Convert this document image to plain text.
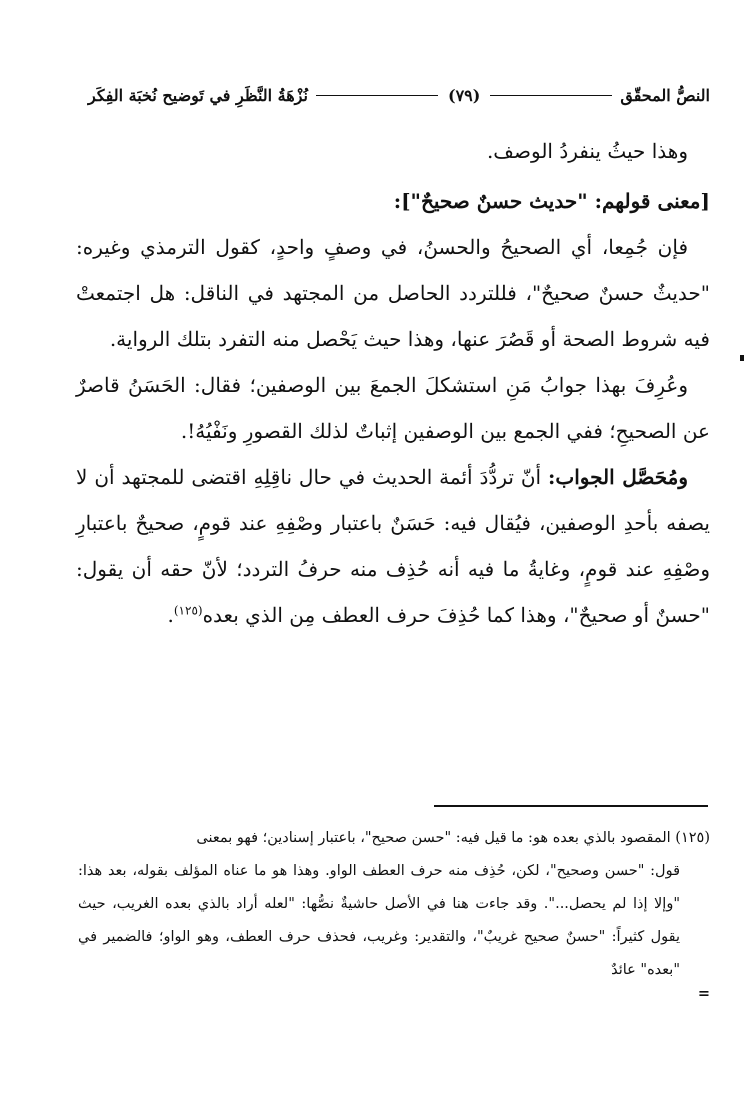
النصُّ المحقّق
(٧٩)
نُزْهَةُ النَّظَرِ في تَوضيح نُخبَة الفِكَر

وهذا حيثُ ينفردُ الوصف.

[معنى قولهم: "حديث حسنٌ صحيحٌ"]:

فإن جُمِعا، أي الصحيحُ والحسنُ، في وصفٍ واحدٍ، كقول الترمذي وغيره: "حديثٌ حسنٌ صحيحٌ"، فللتردد الحاصل من المجتهد في الناقل: هل اجتمعتْ فيه شروط الصحة أو قَصُرَ عنها، وهذا حيث يَحْصل منه التفرد بتلك الرواية.

وعُرِفَ بهذا جوابُ مَنِ استشكلَ الجمعَ بين الوصفين؛ فقال: الحَسَنُ قاصرٌ عن الصحيحِ؛ ففي الجمع بين الوصفين إثباتٌ لذلك القصورِ ونَفْيُهُ!.

ومُحَصَّل الجواب: أنّ تردُّدَ أئمة الحديث في حال ناقِلِهِ اقتضى للمجتهد أن لا يصفه بأحدِ الوصفين، فيُقال فيه: حَسَنٌ باعتبار وصْفِهِ عند قومٍ، صحيحٌ باعتبارِ وصْفِهِ عند قومٍ، وغايةُ ما فيه أنه حُذِف منه حرفُ التردد؛ لأنّ حقه أن يقول: "حسنٌ أو صحيحٌ"، وهذا كما حُذِفَ حرف العطف مِن الذي بعده$^{(١٢٥)}$.

(١٢٥) المقصود بالذي بعده هو: ما قيل فيه: "حسن صحيح"، باعتبار إسنادين؛ فهو بمعنى

قول: "حسن وصحيح"، لكن، حُذِف منه حرف العطف الواو. وهذا هو ما عناه المؤلف بقوله، بعد هذا: "وإلا إذا لم يحصل...". وقد جاءت هنا في الأصل حاشيةٌ نصُّها: "لعله أراد بالذي بعده الغريب، حيث يقول كثيراً: "حسنٌ صحيح غريبٌ"، والتقدير: وغريب، فحذف حرف العطف، وهو الواو؛ فالضمير في "بعده" عائدٌ

=
